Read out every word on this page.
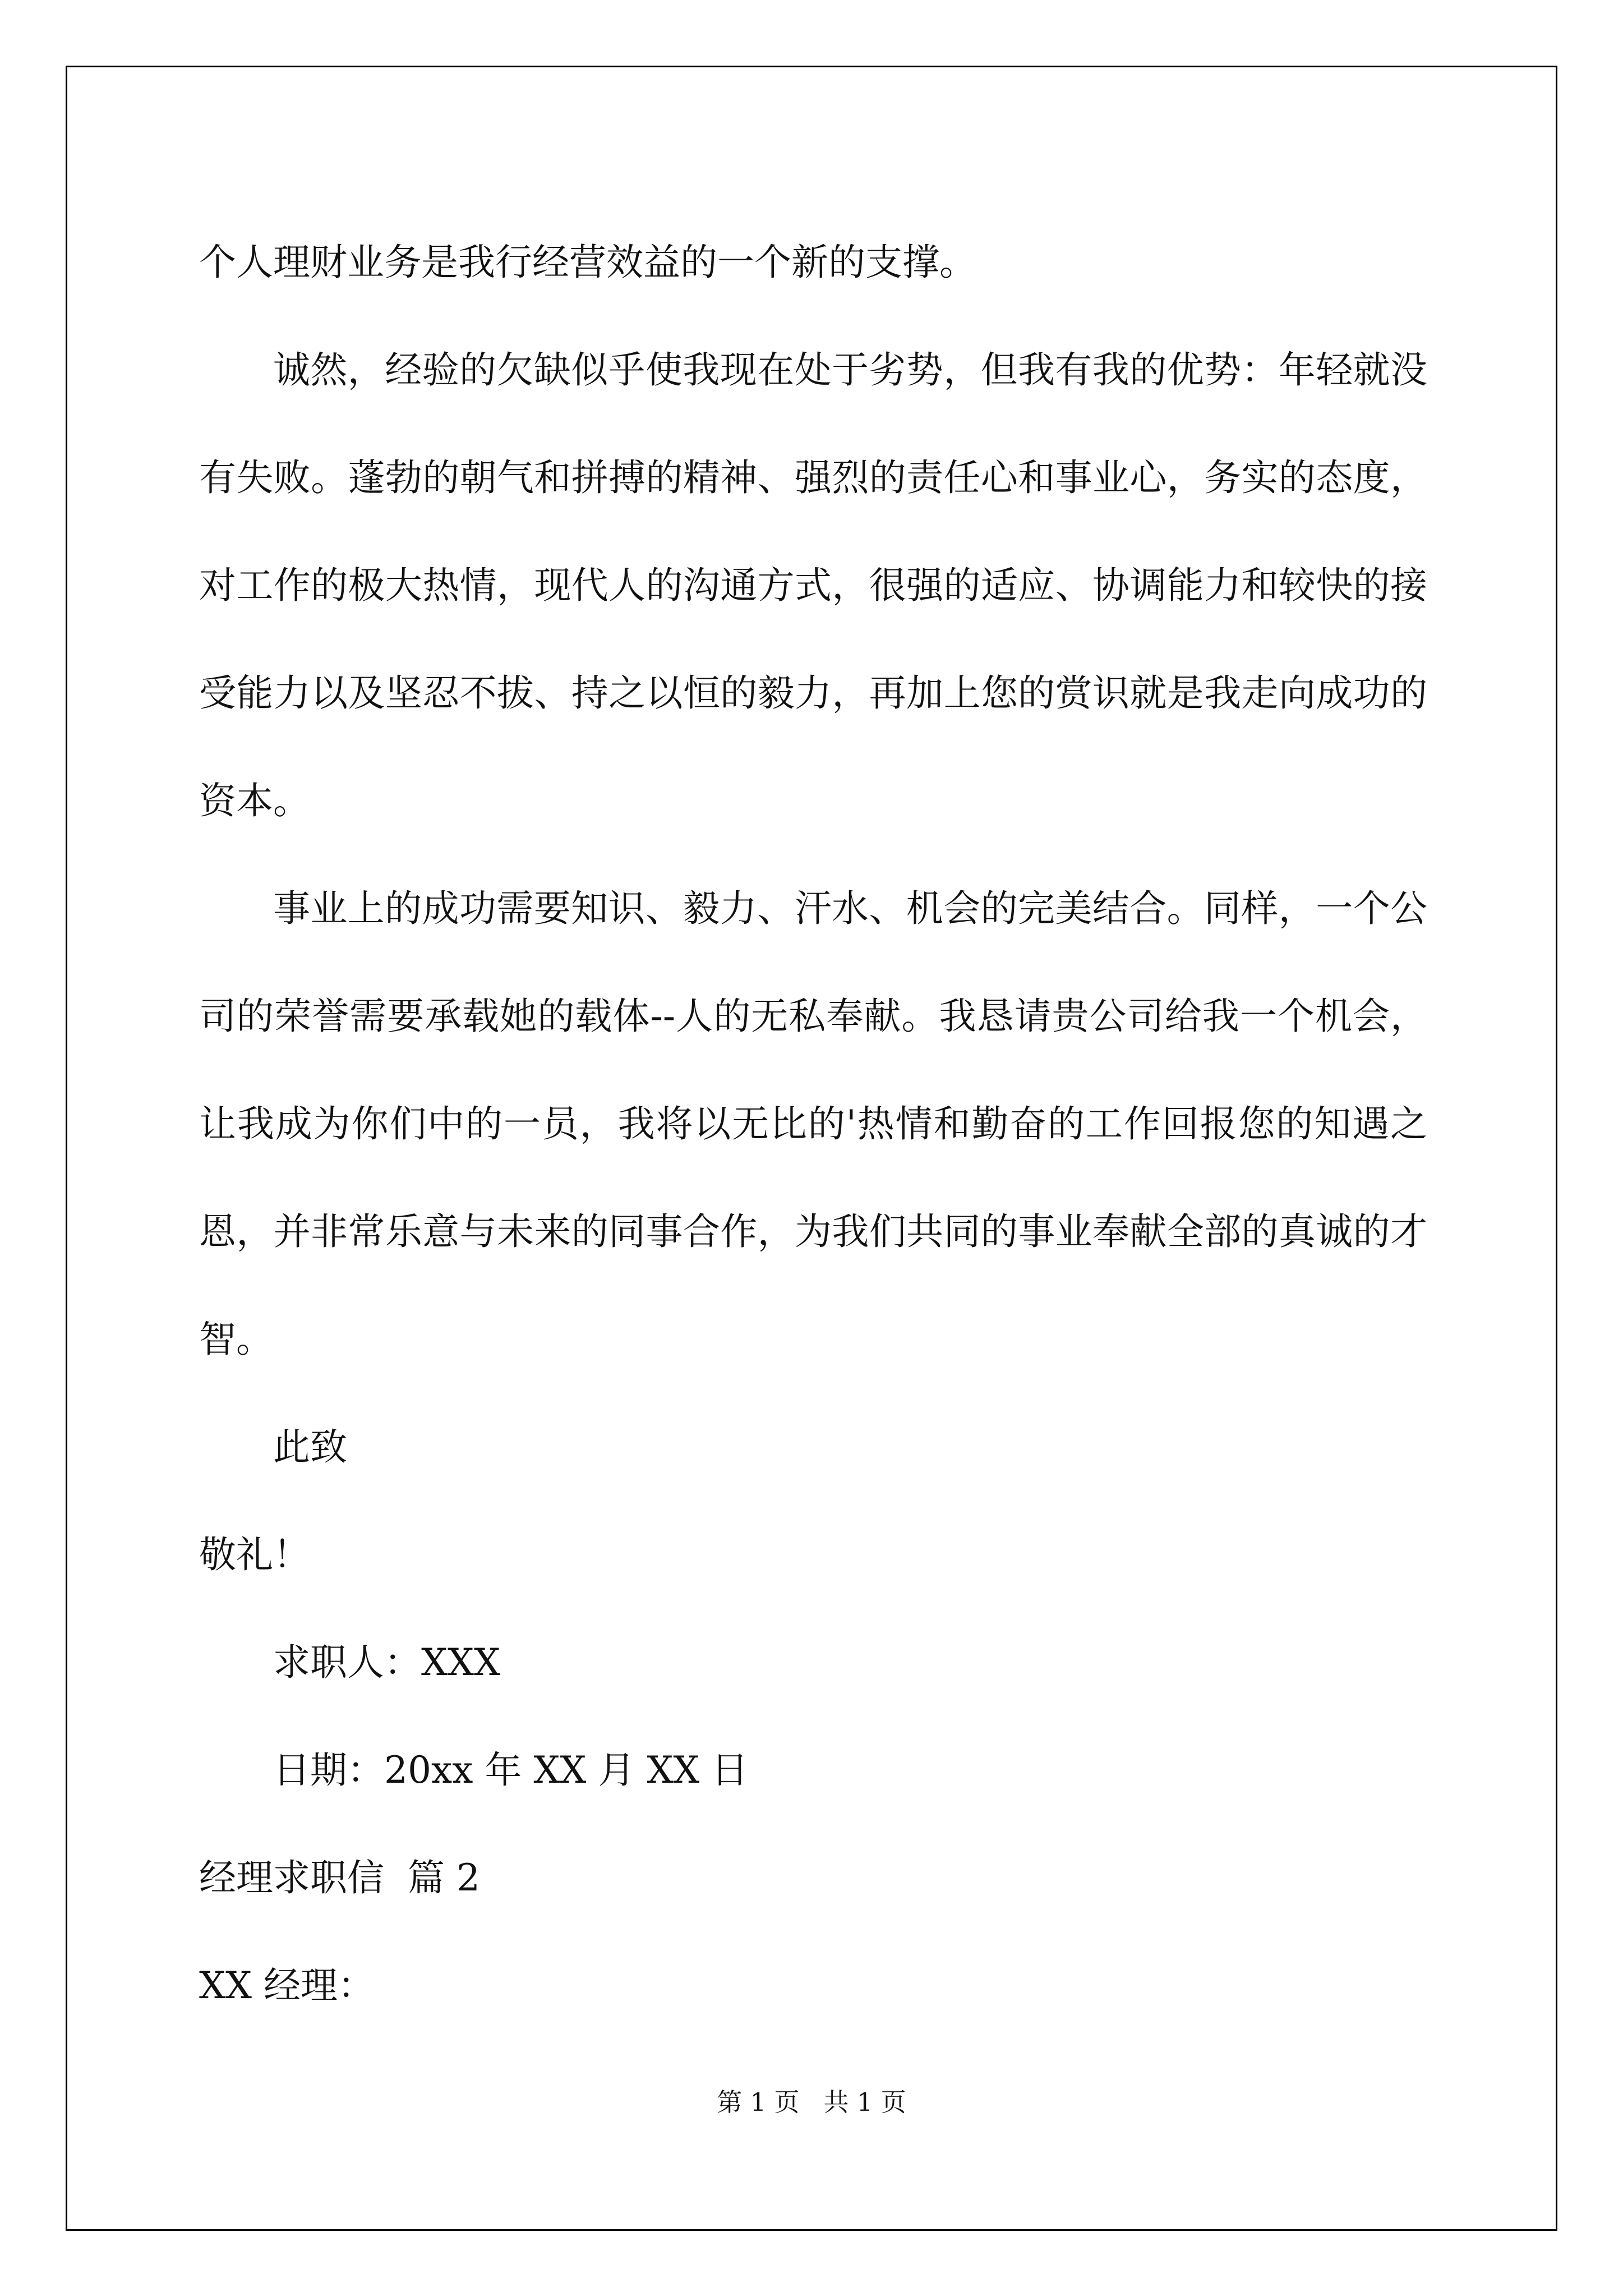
个人理财业务是我行经营效益的一个新的支撑。

诚然，经验的欠缺似乎使我现在处于劣势，但我有我的优势：年轻就没有失败。蓬勃的朝气和拼搏的精神、强烈的责任心和事业心，务实的态度，对工作的极大热情，现代人的沟通方式，很强的适应、协调能力和较快的接受能力以及坚忍不拔、持之以恒的毅力，再加上您的赏识就是我走向成功的资本。

事业上的成功需要知识、毅力、汗水、机会的完美结合。同样，一个公司的荣誉需要承载她的载体--人的无私奉献。我恳请贵公司给我一个机会，让我成为你们中的一员，我将以无比的'热情和勤奋的工作回报您的知遇之恩，并非常乐意与未来的同事合作，为我们共同的事业奉献全部的真诚的才智。

此致

敬礼！

求职人：XXX

日期：20xx 年 XX 月 XX 日

经理求职信  篇 2

XX 经理：

第 1 页   共 1 页
